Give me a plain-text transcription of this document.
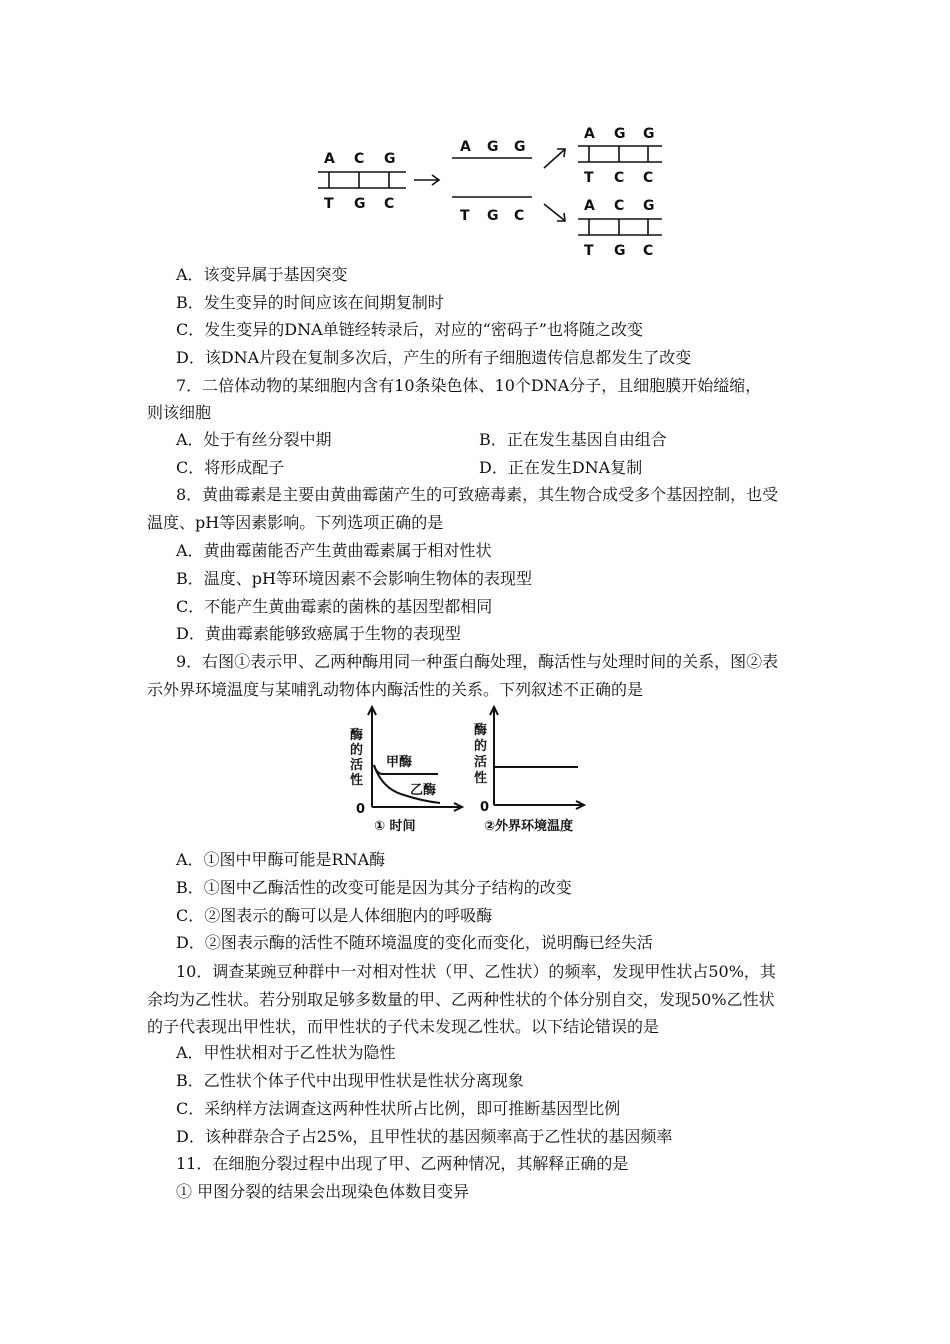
A C G
T G C
A G G
T G C
A G G
T C C
A C G
T G C
A．该变异属于基因突变
B．发生变异的时间应该在间期复制时
C．发生变异的DNA单链经转录后，对应的“密码子”也将随之改变
D．该DNA片段在复制多次后，产生的所有子细胞遗传信息都发生了改变
7．二倍体动物的某细胞内含有10条染色体、10个DNA分子，且细胞膜开始缢缩，
则该细胞
A．处于有丝分裂中期	B．正在发生基因自由组合
C．将形成配子	D．正在发生DNA复制
8．黄曲霉素是主要由黄曲霉菌产生的可致癌毒素，其生物合成受多个基因控制，也受
温度、pH等因素影响。下列选项正确的是
A．黄曲霉菌能否产生黄曲霉素属于相对性状
B．温度、pH等环境因素不会影响生物体的表现型
C．不能产生黄曲霉素的菌株的基因型都相同
D．黄曲霉素能够致癌属于生物的表现型
9．右图①表示甲、乙两种酶用同一种蛋白酶处理，酶活性与处理时间的关系，图②表
示外界环境温度与某哺乳动物体内酶活性的关系。下列叙述不正确的是
酶
的
活
性
0
甲酶
乙酶
① 时间
酶
的
活
性
0
②外界环境温度
A．①图中甲酶可能是RNA酶
B．①图中乙酶活性的改变可能是因为其分子结构的改变
C．②图表示的酶可以是人体细胞内的呼吸酶
D．②图表示酶的活性不随环境温度的变化而变化，说明酶已经失活
10．调查某豌豆种群中一对相对性状（甲、乙性状）的频率，发现甲性状占50%，其
余均为乙性状。若分别取足够多数量的甲、乙两种性状的个体分别自交，发现50%乙性状
的子代表现出甲性状，而甲性状的子代未发现乙性状。以下结论错误的是
A．甲性状相对于乙性状为隐性
B．乙性状个体子代中出现甲性状是性状分离现象
C．采纳样方法调查这两种性状所占比例，即可推断基因型比例
D．该种群杂合子占25%，且甲性状的基因频率高于乙性状的基因频率
11．在细胞分裂过程中出现了甲、乙两种情况，其解释正确的是
① 甲图分裂的结果会出现染色体数目变异
